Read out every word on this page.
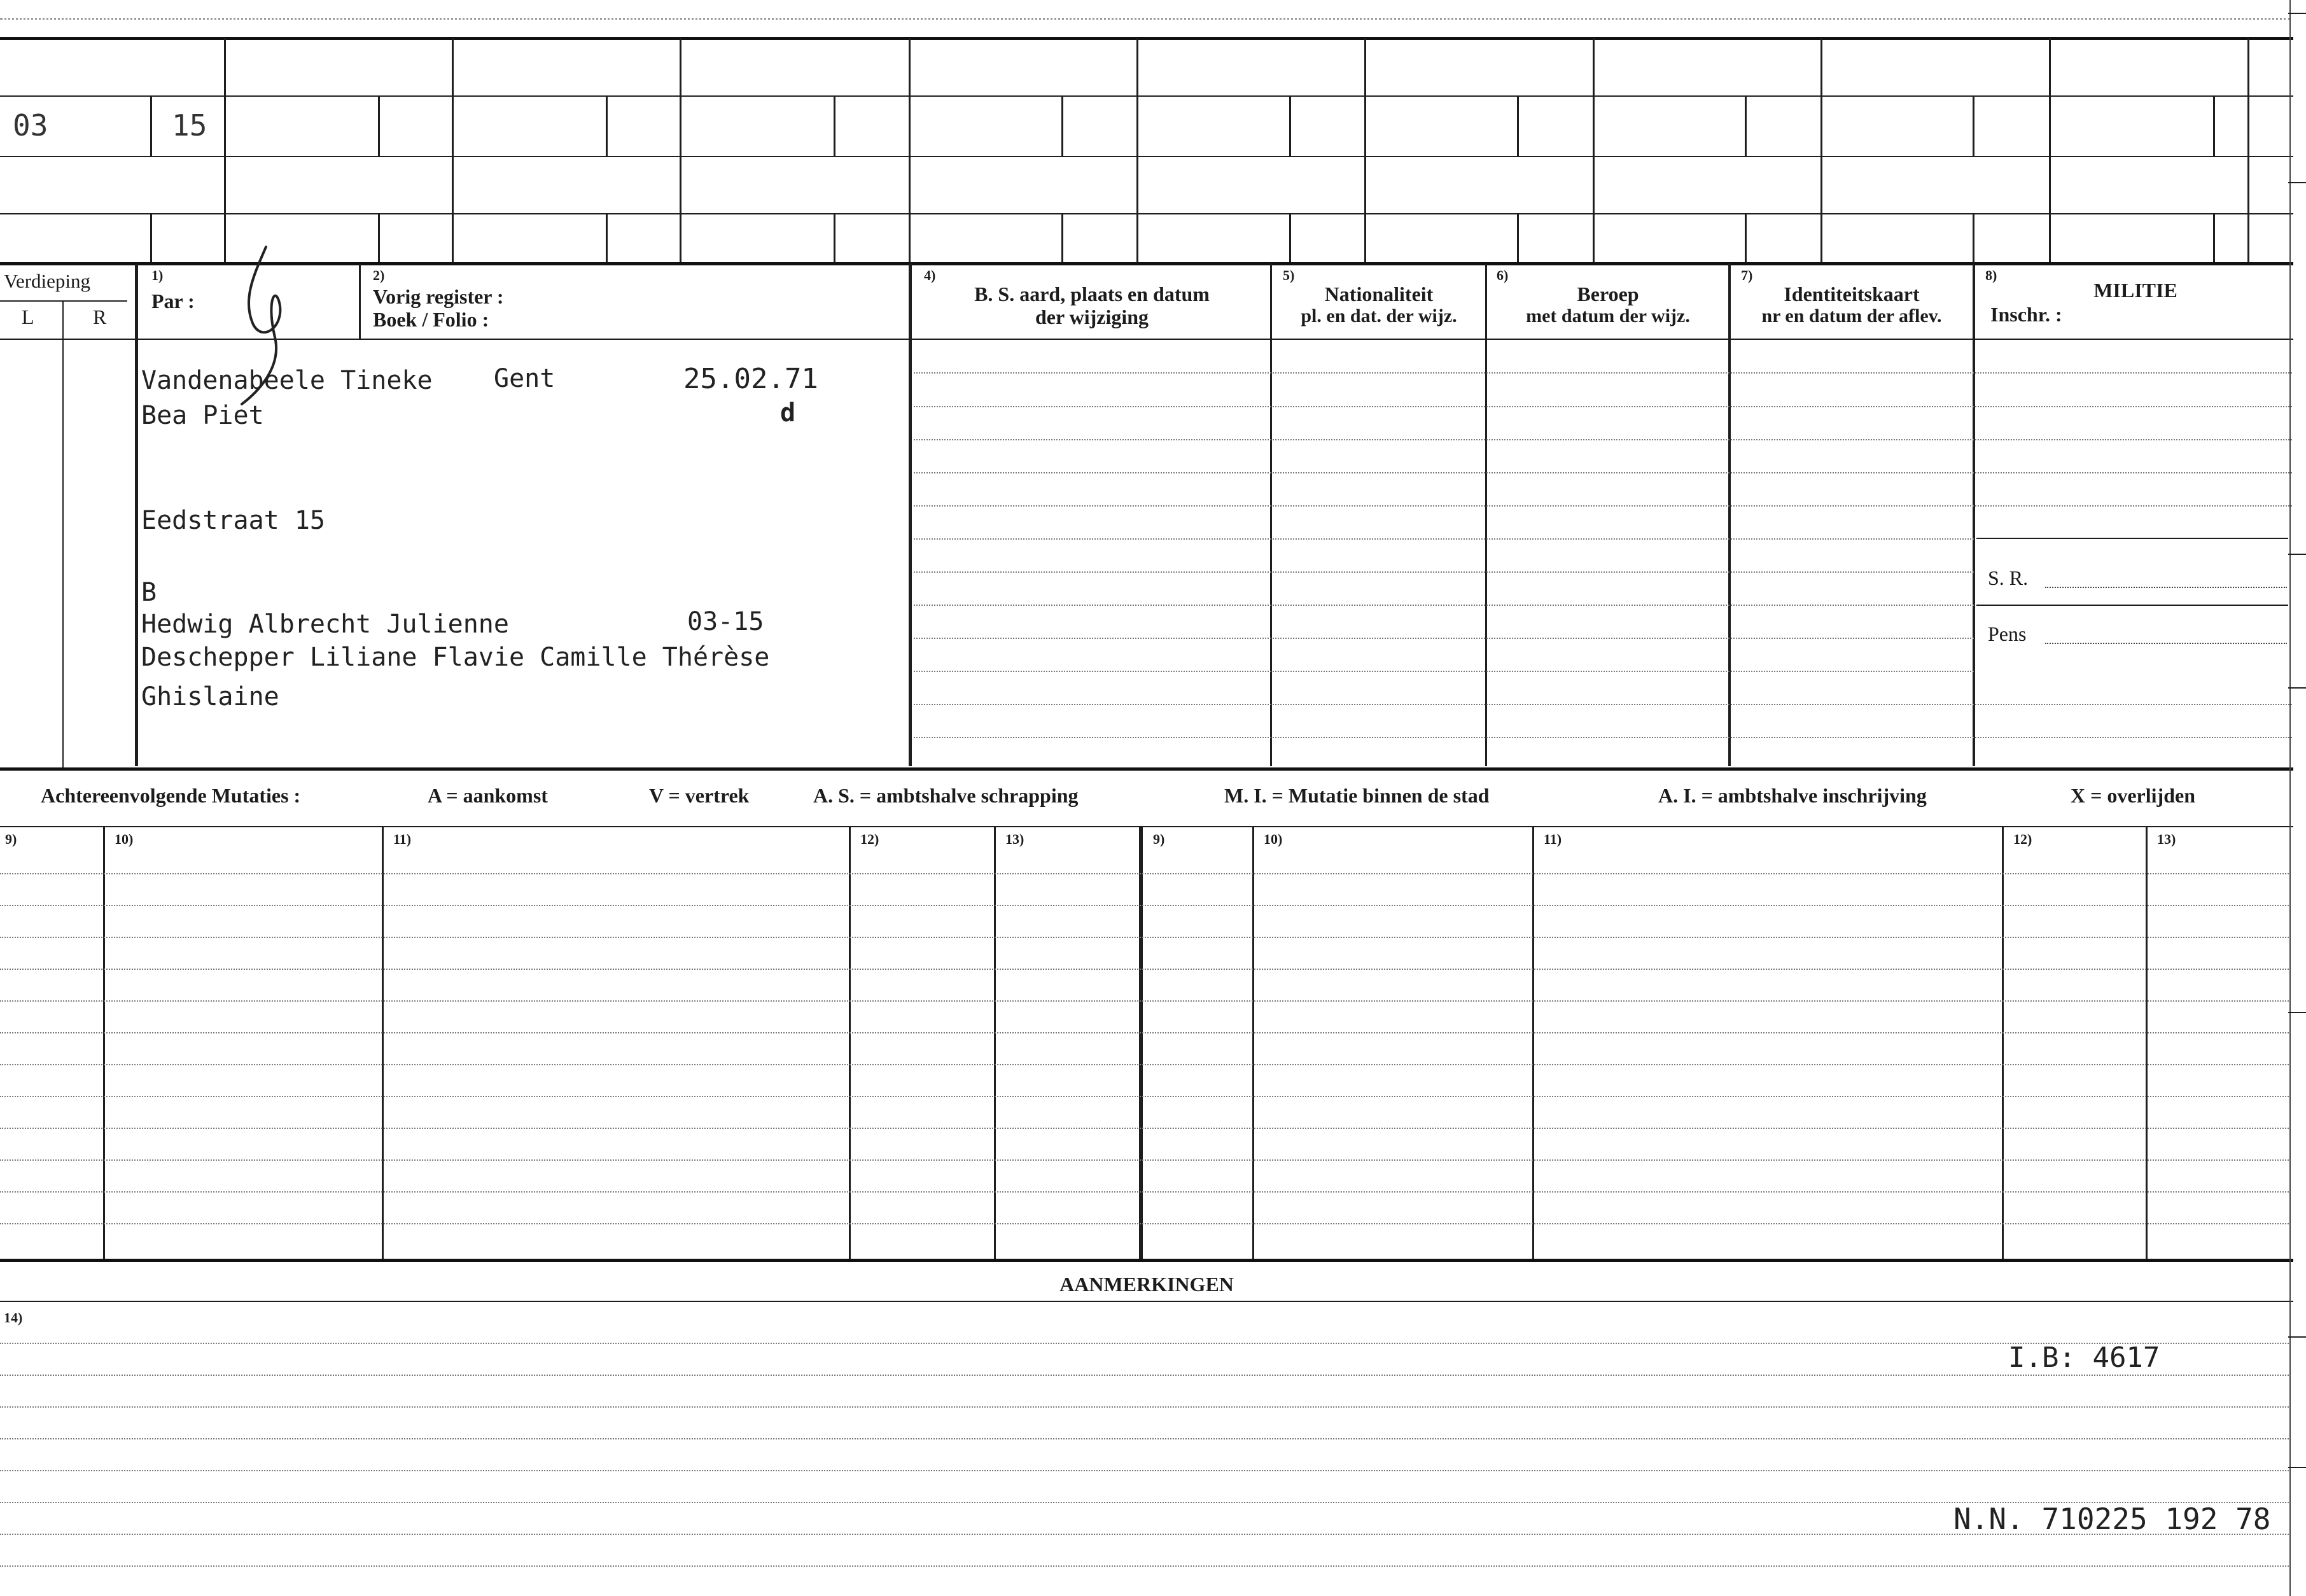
03	15
Verdieping
L	R
1)
Par :
2)
Vorig register :
Boek / Folio :
4)
B. S. aard, plaats en datum
der wijziging
5)
Nationaliteit
pl. en dat. der wijz.
6)
Beroep
met datum der wijz.
7)
Identiteitskaart
nr en datum der aflev.
8)
MILITIE
Inschr. :
Vandenabeele Tineke Gent	25.02.71
Bea Piet	d
Eedstraat 15
B
Hedwig Albrecht Julienne	03-15
Deschepper Liliane Flavie Camille Thérèse
Ghislaine
S. R.
Pens
Achtereenvolgende Mutaties :	A = aankomst	V = vertrek	A. S. = ambtshalve schrapping	M. I. = Mutatie binnen de stad	A. I. = ambtshalve inschrijving	X = overlijden
9)	10)	11)	12)	13)	9)	10)	11)	12)	13)
AANMERKINGEN
14)
I.B: 4617
N.N. 710225 192 78
